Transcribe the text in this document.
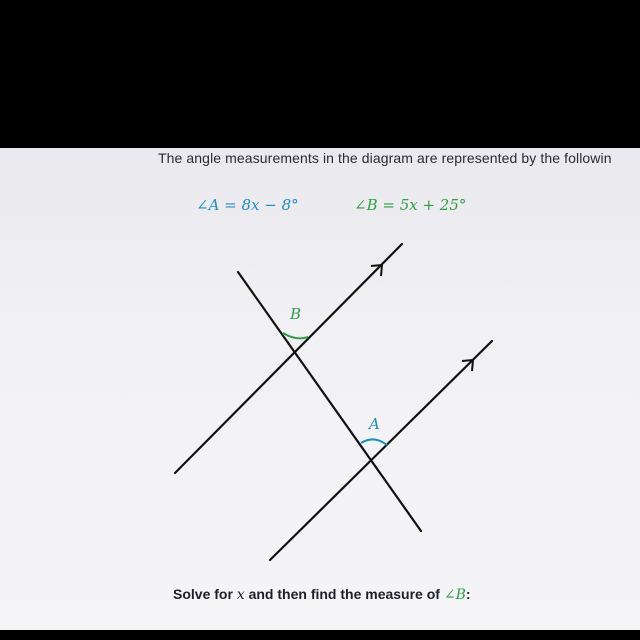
The angle measurements in the diagram are represented by the followin
∠A = 8x − 8°	∠B = 5x + 25°
B
A
Solve for x and then find the measure of ∠B:
